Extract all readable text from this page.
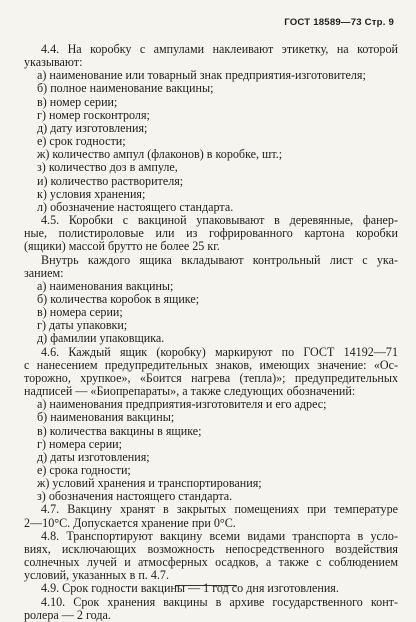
ГОСТ 18589—73 Стр. 9
4.4. На коробку с ампулами наклеивают этикетку, на которой
указывают:
а) наименование или товарный знак предприятия-изготовителя;
б) полное наименование вакцины;
в) номер серии;
г) номер госконтроля;
д) дату изготовления;
е) срок годности;
ж) количество ампул (флаконов) в коробке, шт.;
з) количество доз в ампуле,
и) количество растворителя;
к) условия хранения;
л) обозначение настоящего стандарта.
4.5. Коробки с вакциной упаковывают в деревянные, фанер-
ные, полистироловые или из гофрированного картона коробки
(ящики) массой брутто не более 25 кг.
Внутрь каждого ящика вкладывают контрольный лист с ука-
занием:
а) наименования вакцины;
б) количества коробок в ящике;
в) номера серии;
г) даты упаковки;
д) фамилии упаковщика.
4.6. Каждый ящик (коробку) маркируют по ГОСТ 14192—71
с нанесением предупредительных знаков, имеющих значение: «Ос-
торожно, хрупкое», «Боится нагрева (тепла)»; предупредительных
надписей — «Биопрепараты», а также следующих обозначений:
а) наименования предприятия-изготовителя и его адрес;
б) наименования вакцины;
в) количества вакцины в ящике;
г) номера серии;
д) даты изготовления;
е) срока годности;
ж) условий хранения и транспортирования;
з) обозначения настоящего стандарта.
4.7. Вакцину хранят в закрытых помещениях при температуре
2—10°С. Допускается хранение при 0°С.
4.8. Транспортируют вакцину всеми видами транспорта в усло-
виях, исключающих возможность непосредственного воздействия
солнечных лучей и атмосферных осадков, а также с соблюдением
условий, указанных в п. 4.7.
4.9. Срок годности вакцины — 1 год со дня изготовления.
4.10. Срок хранения вакцины в архиве государственного конт-
ролера — 2 года.
